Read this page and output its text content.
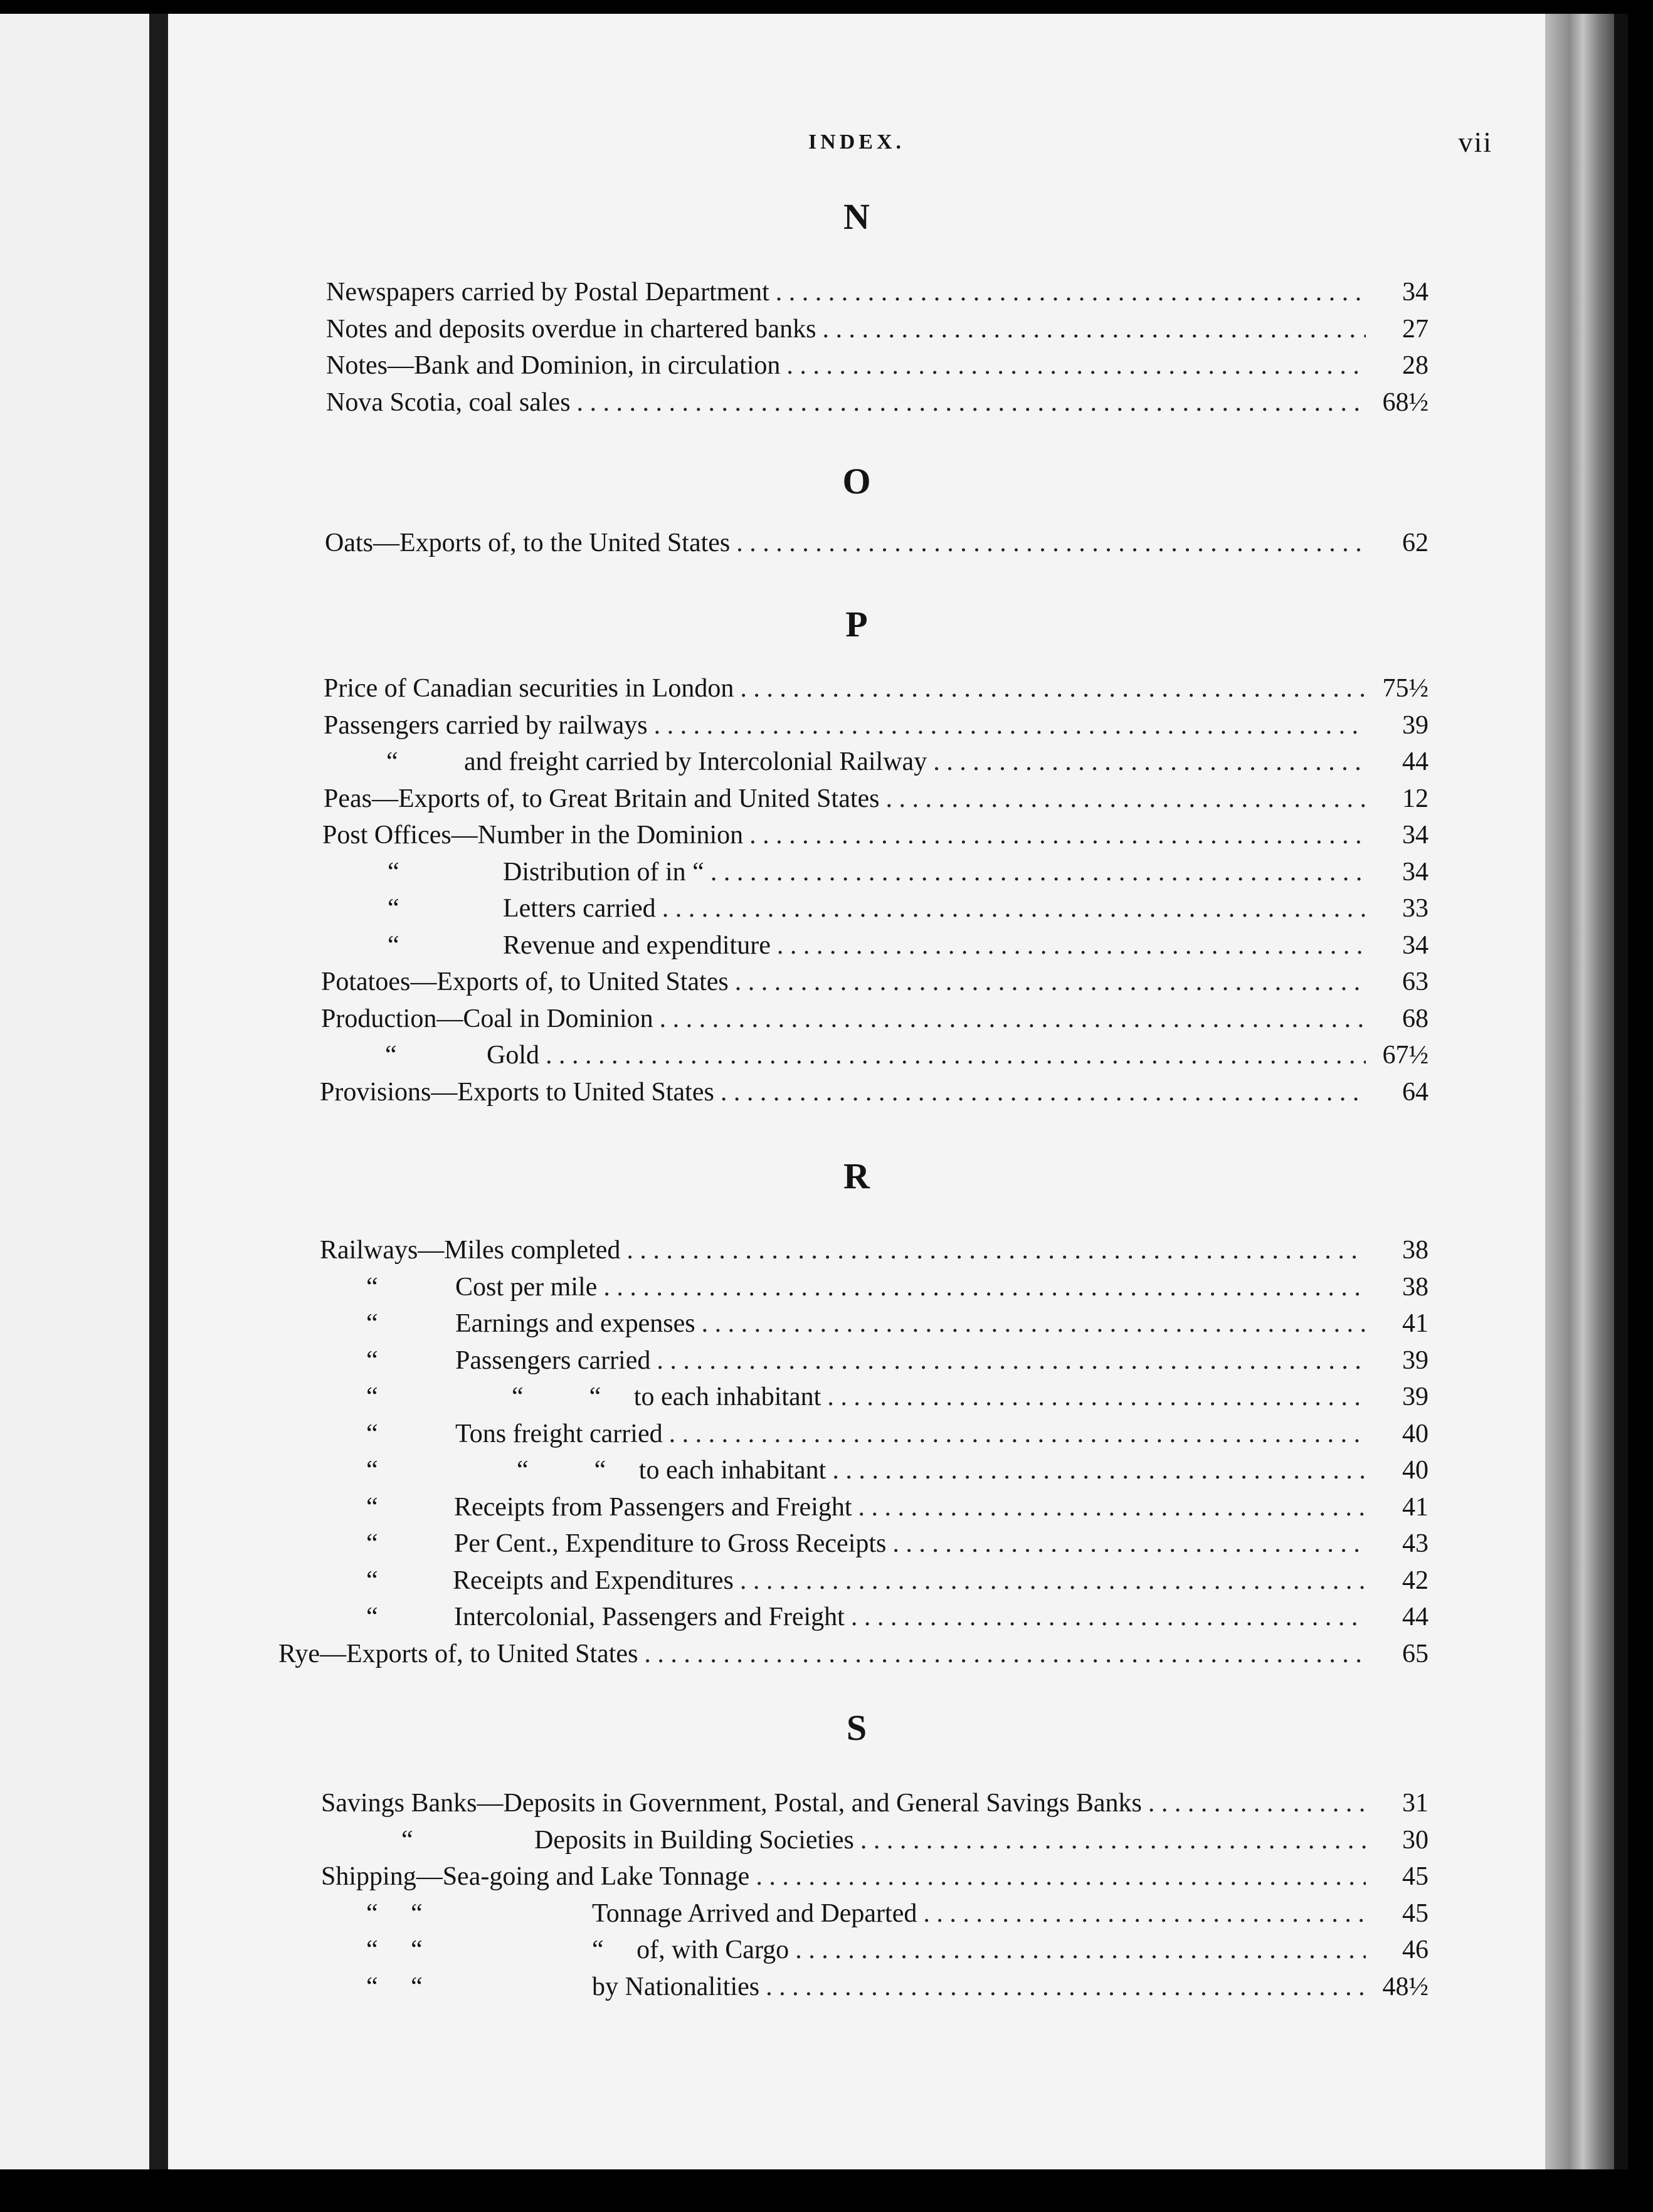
INDEX.	vii
N
Newspapers carried by Postal Department . . .	34
Notes and deposits overdue in chartered banks . . .	27
Notes—Bank and Dominion, in circulation . . .	28
Nova Scotia, coal sales . . .	68½
O
Oats—Exports of, to the United States . . .	62
P
Price of Canadian securities in London . . .	75½
Passengers carried by railways . . .	39
“	and freight carried by Intercolonial Railway . . .	44
Peas—Exports of, to Great Britain and United States . . .	12
Post Offices—Number in the Dominion . . .	34
“	Distribution of in “ . . .	34
“	Letters carried . . .	33
“	Revenue and expenditure . . .	34
Potatoes—Exports of, to United States . . .	63
Production—Coal in Dominion . . .	68
“	Gold . . .	67½
Provisions—Exports to United States . . .	64
R
Railways—Miles completed . . .	38
“	Cost per mile . . .	38
“	Earnings and expenses . . .	41
“	Passengers carried . . .	39
“	“          “     to each inhabitant . . .	39
“	Tons freight carried . . .	40
“	“          “     to each inhabitant . . .	40
“	Receipts from Passengers and Freight . . .	41
“	Per Cent., Expenditure to Gross Receipts . . .	43
“	Receipts and Expenditures . . .	42
“	Intercolonial, Passengers and Freight . . .	44
Rye—Exports of, to United States . . .	65
S
Savings Banks—Deposits in Government, Postal, and General Savings Banks . . .	31
“	Deposits in Building Societies . . .	30
Shipping—Sea-going and Lake Tonnage . . .	45
“     “	Tonnage Arrived and Departed . . .	45
“     “	“     of, with Cargo . . .	46
“     “	by Nationalities . . .	48½
